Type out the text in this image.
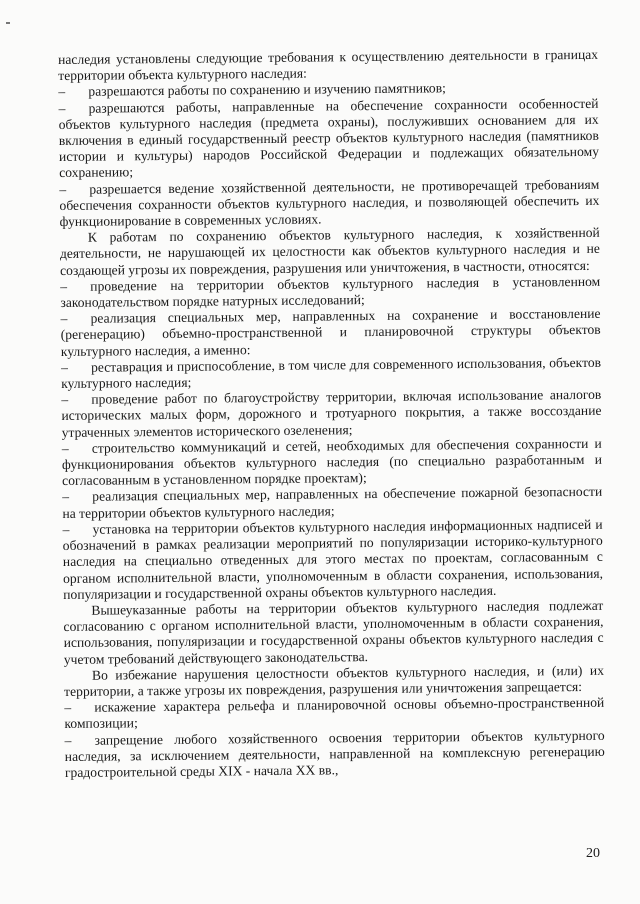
наследия установлены следующие требования к осуществлению деятельности в границах территории объекта культурного наследия:

– разрешаются работы по сохранению и изучению памятников;

– разрешаются работы, направленные на обеспечение сохранности особенностей объектов культурного наследия (предмета охраны), послуживших основанием для их включения в единый государственный реестр объектов культурного наследия (памятников истории и культуры) народов Российской Федерации и подлежащих обязательному сохранению;

– разрешается ведение хозяйственной деятельности, не противоречащей требованиям обеспечения сохранности объектов культурного наследия, и позволяющей обеспечить их функционирование в современных условиях.

К работам по сохранению объектов культурного наследия, к хозяйственной деятельности, не нарушающей их целостности как объектов культурного наследия и не создающей угрозы их повреждения, разрушения или уничтожения, в частности, относятся:

– проведение на территории объектов культурного наследия в установленном законодательством порядке натурных исследований;

– реализация специальных мер, направленных на сохранение и восстановление (регенерацию) объемно-пространственной и планировочной структуры объектов культурного наследия, а именно:

– реставрация и приспособление, в том числе для современного использования, объектов культурного наследия;

– проведение работ по благоустройству территории, включая использование аналогов исторических малых форм, дорожного и тротуарного покрытия, а также воссоздание утраченных элементов исторического озеленения;

– строительство коммуникаций и сетей, необходимых для обеспечения сохранности и функционирования объектов культурного наследия (по специально разработанным и согласованным в установленном порядке проектам);

– реализация специальных мер, направленных на обеспечение пожарной безопасности на территории объектов культурного наследия;

– установка на территории объектов культурного наследия информационных надписей и обозначений в рамках реализации мероприятий по популяризации историко-культурного наследия на специально отведенных для этого местах по проектам, согласованным с органом исполнительной власти, уполномоченным в области сохранения, использования, популяризации и государственной охраны объектов культурного наследия.

Вышеуказанные работы на территории объектов культурного наследия подлежат согласованию с органом исполнительной власти, уполномоченным в области сохранения, использования, популяризации и государственной охраны объектов культурного наследия с учетом требований действующего законодательства.

Во избежание нарушения целостности объектов культурного наследия, и (или) их территории, а также угрозы их повреждения, разрушения или уничтожения запрещается:

– искажение характера рельефа и планировочной основы объемно-пространственной композиции;

– запрещение любого хозяйственного освоения территории объектов культурного наследия, за исключением деятельности, направленной на комплексную регенерацию градостроительной среды XIX - начала XX вв.,

20
